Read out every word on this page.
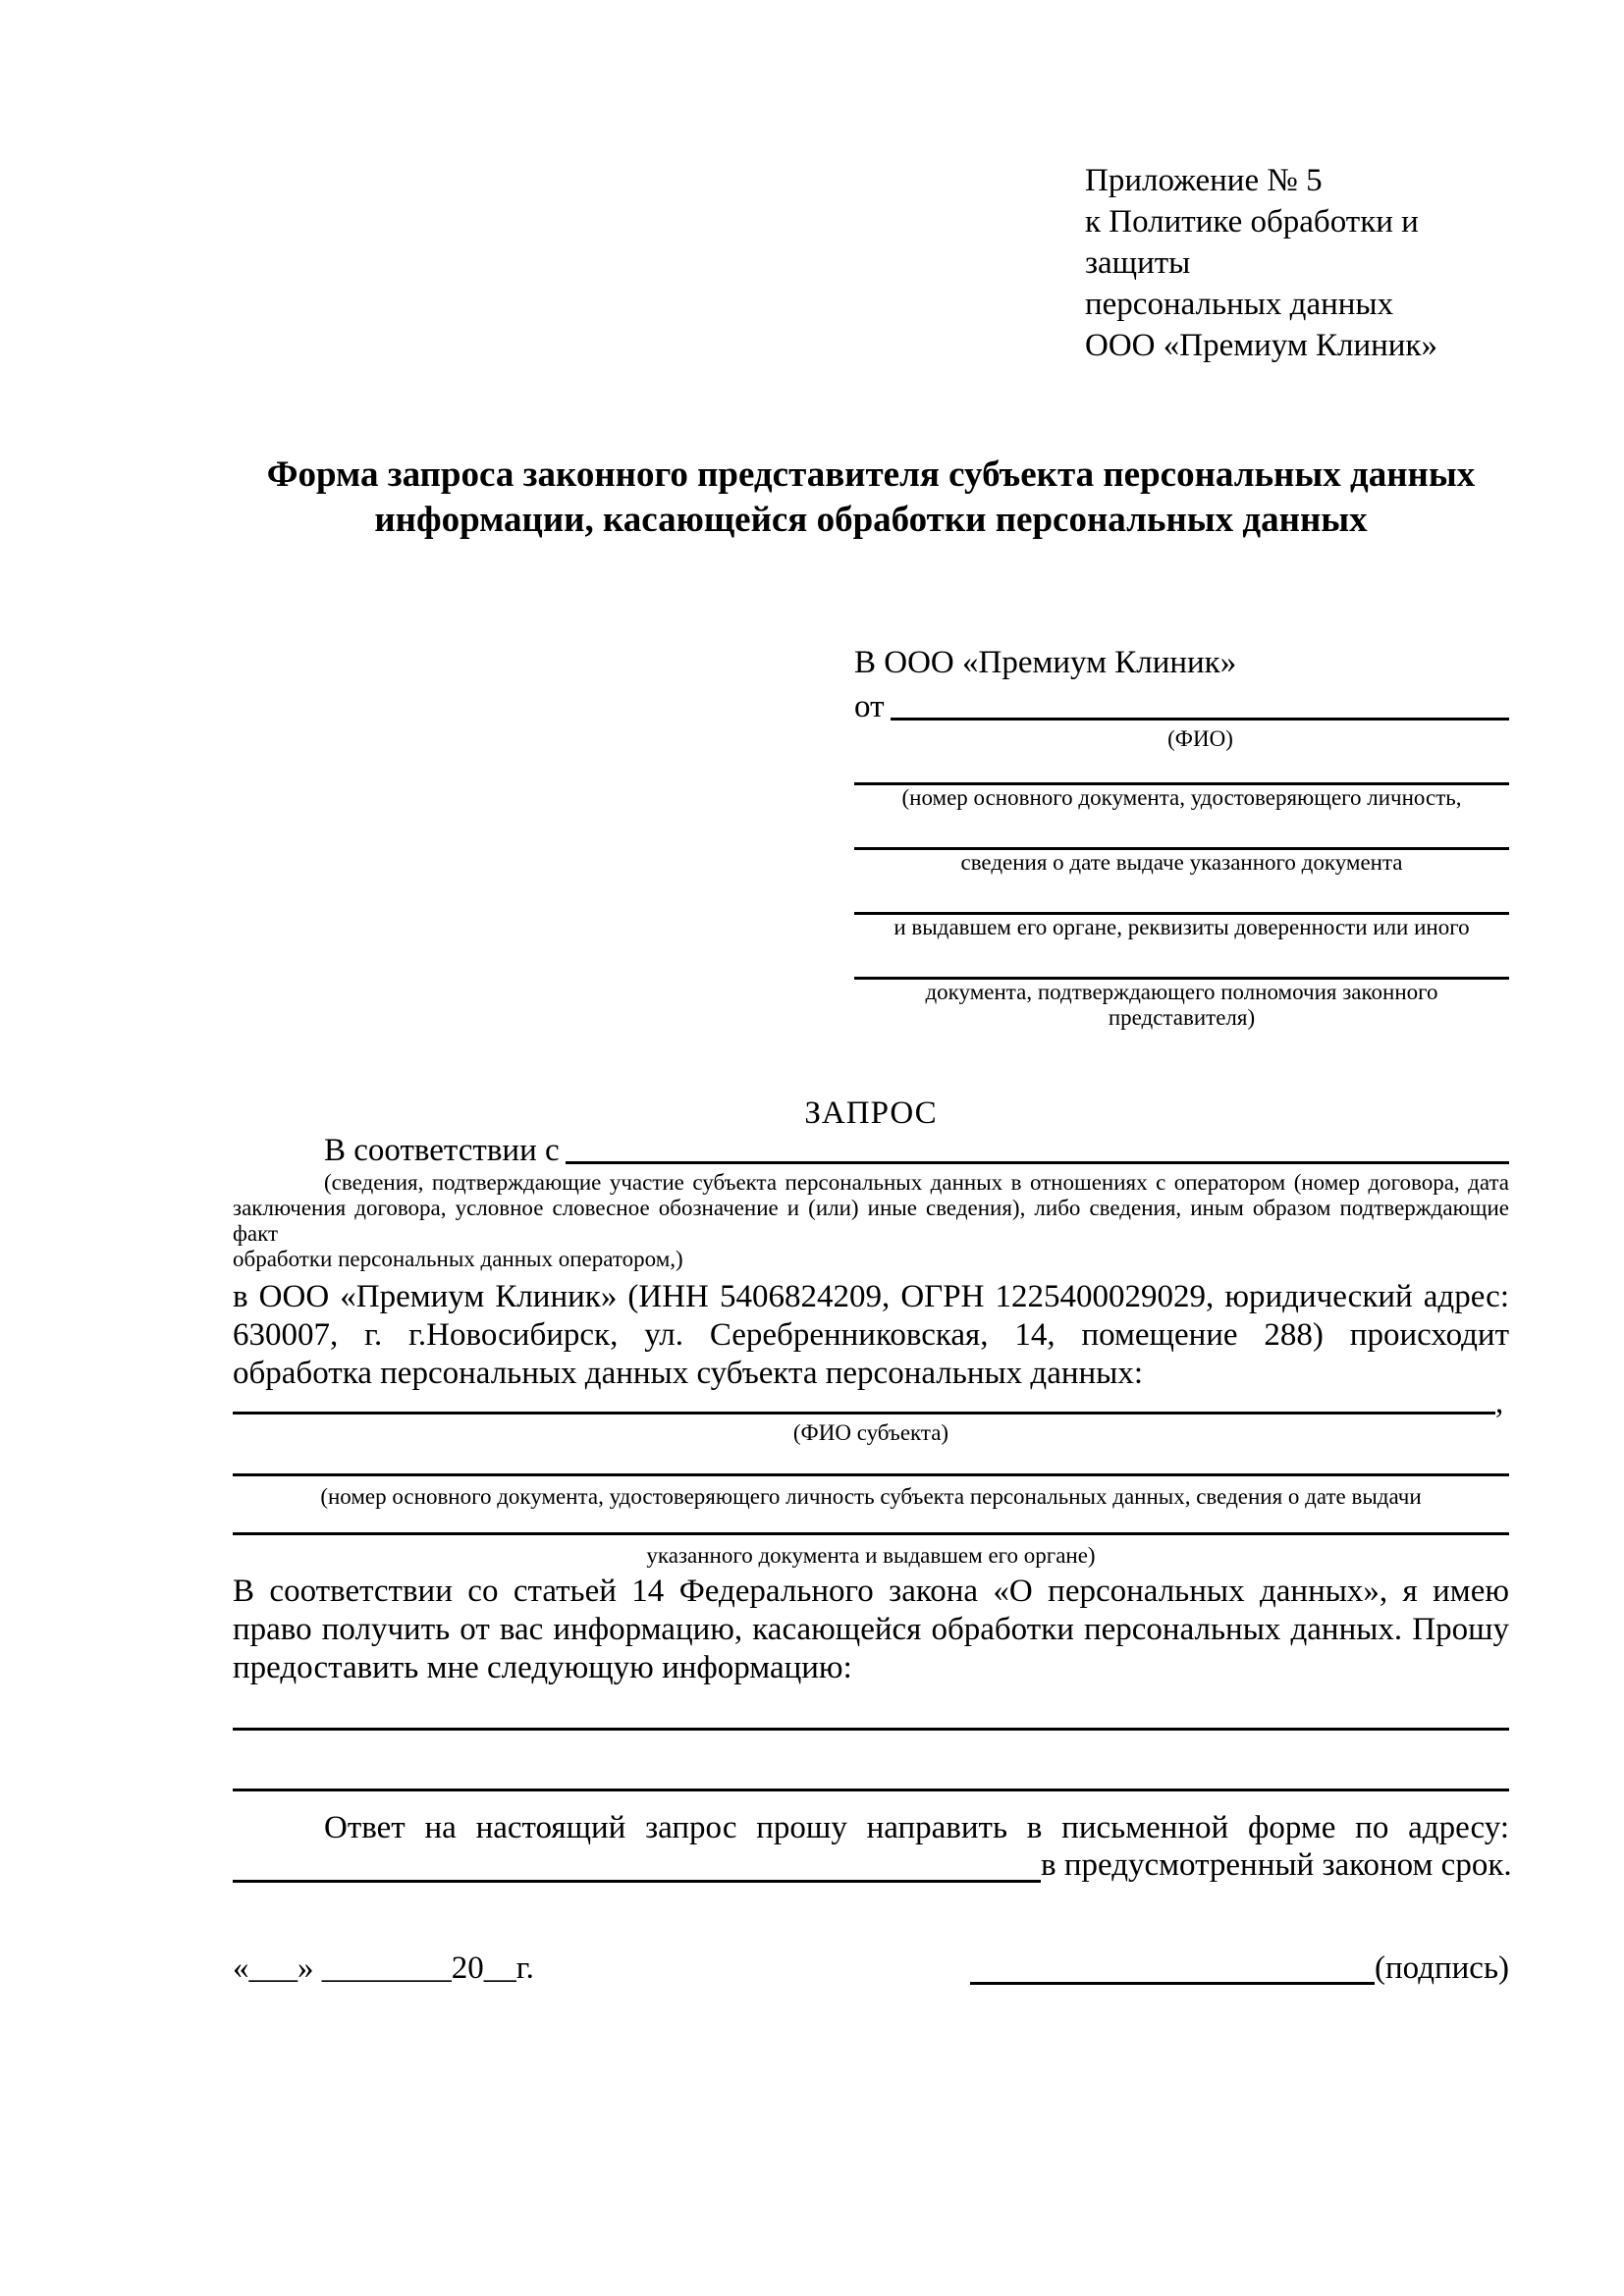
Приложение № 5
к Политике обработки и защиты
персональных данных
ООО «Премиум Клиник»
Форма запроса законного представителя субъекта персональных данных
информации, касающейся обработки персональных данных
В ООО «Премиум Клиник»
от
(ФИО)
(номер основного документа, удостоверяющего личность,
сведения о дате выдаче указанного документа
и выдавшем его органе, реквизиты доверенности или иного
документа, подтверждающего полномочия законного представителя)
ЗАПРОС
В соответствии с
(сведения, подтверждающие участие субъекта персональных данных в отношениях с оператором (номер договора, дата
заключения договора, условное словесное обозначение и (или) иные сведения), либо сведения, иным образом подтверждающие факт
обработки персональных данных оператором,)
в ООО «Премиум Клиник» (ИНН 5406824209, ОГРН 1225400029029, юридический адрес:
630007, г. г.Новосибирск, ул. Серебренниковская, 14, помещение 288) происходит
обработка персональных данных субъекта персональных данных:
,
(ФИО субъекта)
(номер основного документа, удостоверяющего личность субъекта персональных данных, сведения о дате выдачи
указанного документа и выдавшем его органе)
В соответствии со статьей 14 Федерального закона «О персональных данных», я имею
право получить от вас информацию, касающейся обработки персональных данных. Прошу
предоставить мне следующую информацию:
Ответ на настоящий запрос прошу направить в письменной форме по адресу:
в предусмотренный законом срок.
«___» ________20__г.	(подпись)
